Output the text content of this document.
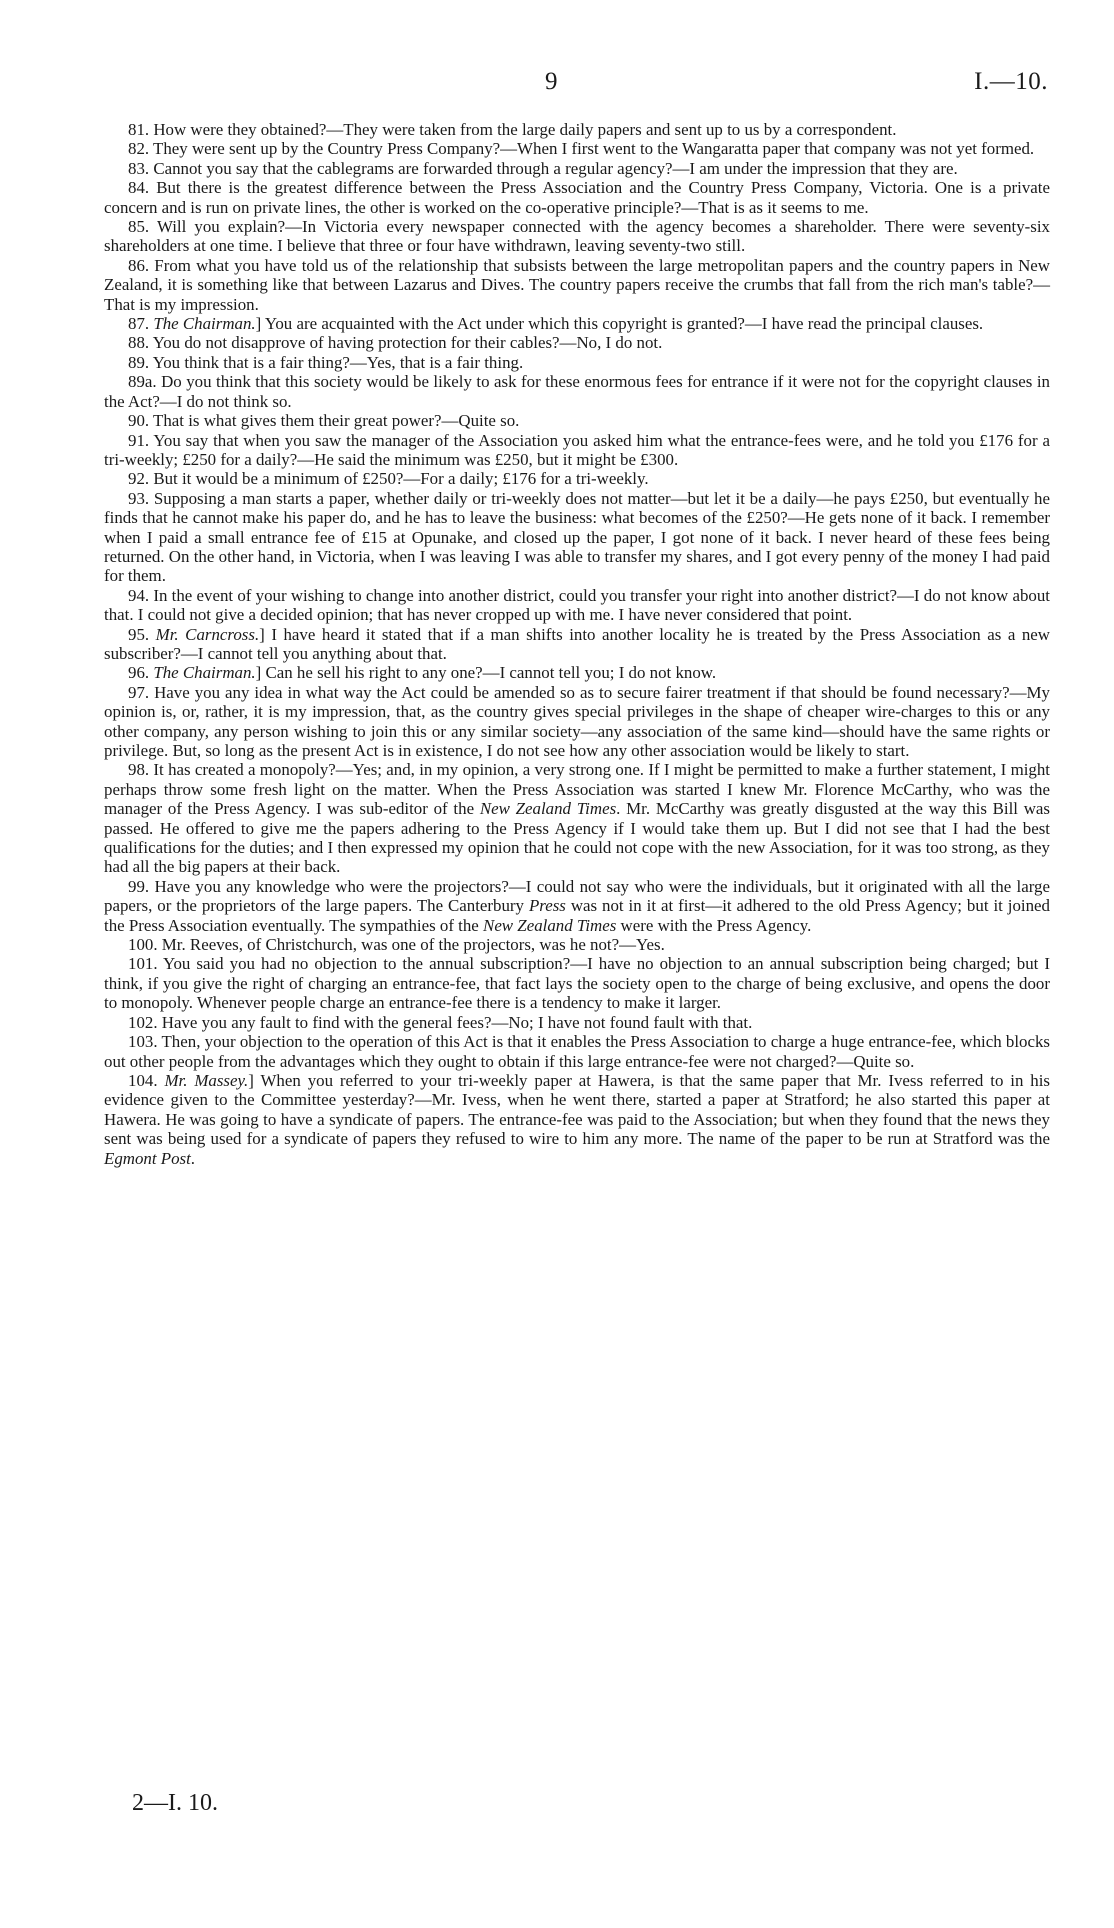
9	I.—10.

81. How were they obtained?—They were taken from the large daily papers and sent up to us by a correspondent.

82. They were sent up by the Country Press Company?—When I first went to the Wangaratta paper that company was not yet formed.

83. Cannot you say that the cablegrams are forwarded through a regular agency?—I am under the impression that they are.

84. But there is the greatest difference between the Press Association and the Country Press Company, Victoria. One is a private concern and is run on private lines, the other is worked on the co-operative principle?—That is as it seems to me.

85. Will you explain?—In Victoria every newspaper connected with the agency becomes a shareholder. There were seventy-six shareholders at one time. I believe that three or four have withdrawn, leaving seventy-two still.

86. From what you have told us of the relationship that subsists between the large metropolitan papers and the country papers in New Zealand, it is something like that between Lazarus and Dives. The country papers receive the crumbs that fall from the rich man's table?—That is my impression.

87. The Chairman.] You are acquainted with the Act under which this copyright is granted?—I have read the principal clauses.

88. You do not disapprove of having protection for their cables?—No, I do not.

89. You think that is a fair thing?—Yes, that is a fair thing.

89a. Do you think that this society would be likely to ask for these enormous fees for entrance if it were not for the copyright clauses in the Act?—I do not think so.

90. That is what gives them their great power?—Quite so.

91. You say that when you saw the manager of the Association you asked him what the entrance-fees were, and he told you £176 for a tri-weekly; £250 for a daily?—He said the minimum was £250, but it might be £300.

92. But it would be a minimum of £250?—For a daily; £176 for a tri-weekly.

93. Supposing a man starts a paper, whether daily or tri-weekly does not matter—but let it be a daily—he pays £250, but eventually he finds that he cannot make his paper do, and he has to leave the business: what becomes of the £250?—He gets none of it back. I remember when I paid a small entrance fee of £15 at Opunake, and closed up the paper, I got none of it back. I never heard of these fees being returned. On the other hand, in Victoria, when I was leaving I was able to transfer my shares, and I got every penny of the money I had paid for them.

94. In the event of your wishing to change into another district, could you transfer your right into another district?—I do not know about that. I could not give a decided opinion; that has never cropped up with me. I have never considered that point.

95. Mr. Carncross.] I have heard it stated that if a man shifts into another locality he is treated by the Press Association as a new subscriber?—I cannot tell you anything about that.

96. The Chairman.] Can he sell his right to any one?—I cannot tell you; I do not know.

97. Have you any idea in what way the Act could be amended so as to secure fairer treatment if that should be found necessary?—My opinion is, or, rather, it is my impression, that, as the country gives special privileges in the shape of cheaper wire-charges to this or any other company, any person wishing to join this or any similar society—any association of the same kind—should have the same rights or privilege. But, so long as the present Act is in existence, I do not see how any other association would be likely to start.

98. It has created a monopoly?—Yes; and, in my opinion, a very strong one. If I might be permitted to make a further statement, I might perhaps throw some fresh light on the matter. When the Press Association was started I knew Mr. Florence McCarthy, who was the manager of the Press Agency. I was sub-editor of the New Zealand Times. Mr. McCarthy was greatly disgusted at the way this Bill was passed. He offered to give me the papers adhering to the Press Agency if I would take them up. But I did not see that I had the best qualifications for the duties; and I then expressed my opinion that he could not cope with the new Association, for it was too strong, as they had all the big papers at their back.

99. Have you any knowledge who were the projectors?—I could not say who were the individuals, but it originated with all the large papers, or the proprietors of the large papers. The Canterbury Press was not in it at first—it adhered to the old Press Agency; but it joined the Press Association eventually. The sympathies of the New Zealand Times were with the Press Agency.

100. Mr. Reeves, of Christchurch, was one of the projectors, was he not?—Yes.

101. You said you had no objection to the annual subscription?—I have no objection to an annual subscription being charged; but I think, if you give the right of charging an entrance-fee, that fact lays the society open to the charge of being exclusive, and opens the door to monopoly. Whenever people charge an entrance-fee there is a tendency to make it larger.

102. Have you any fault to find with the general fees?—No; I have not found fault with that.

103. Then, your objection to the operation of this Act is that it enables the Press Association to charge a huge entrance-fee, which blocks out other people from the advantages which they ought to obtain if this large entrance-fee were not charged?—Quite so.

104. Mr. Massey.] When you referred to your tri-weekly paper at Hawera, is that the same paper that Mr. Ivess referred to in his evidence given to the Committee yesterday?—Mr. Ivess, when he went there, started a paper at Stratford; he also started this paper at Hawera. He was going to have a syndicate of papers. The entrance-fee was paid to the Association; but when they found that the news they sent was being used for a syndicate of papers they refused to wire to him any more. The name of the paper to be run at Stratford was the Egmont Post.

2—I. 10.
